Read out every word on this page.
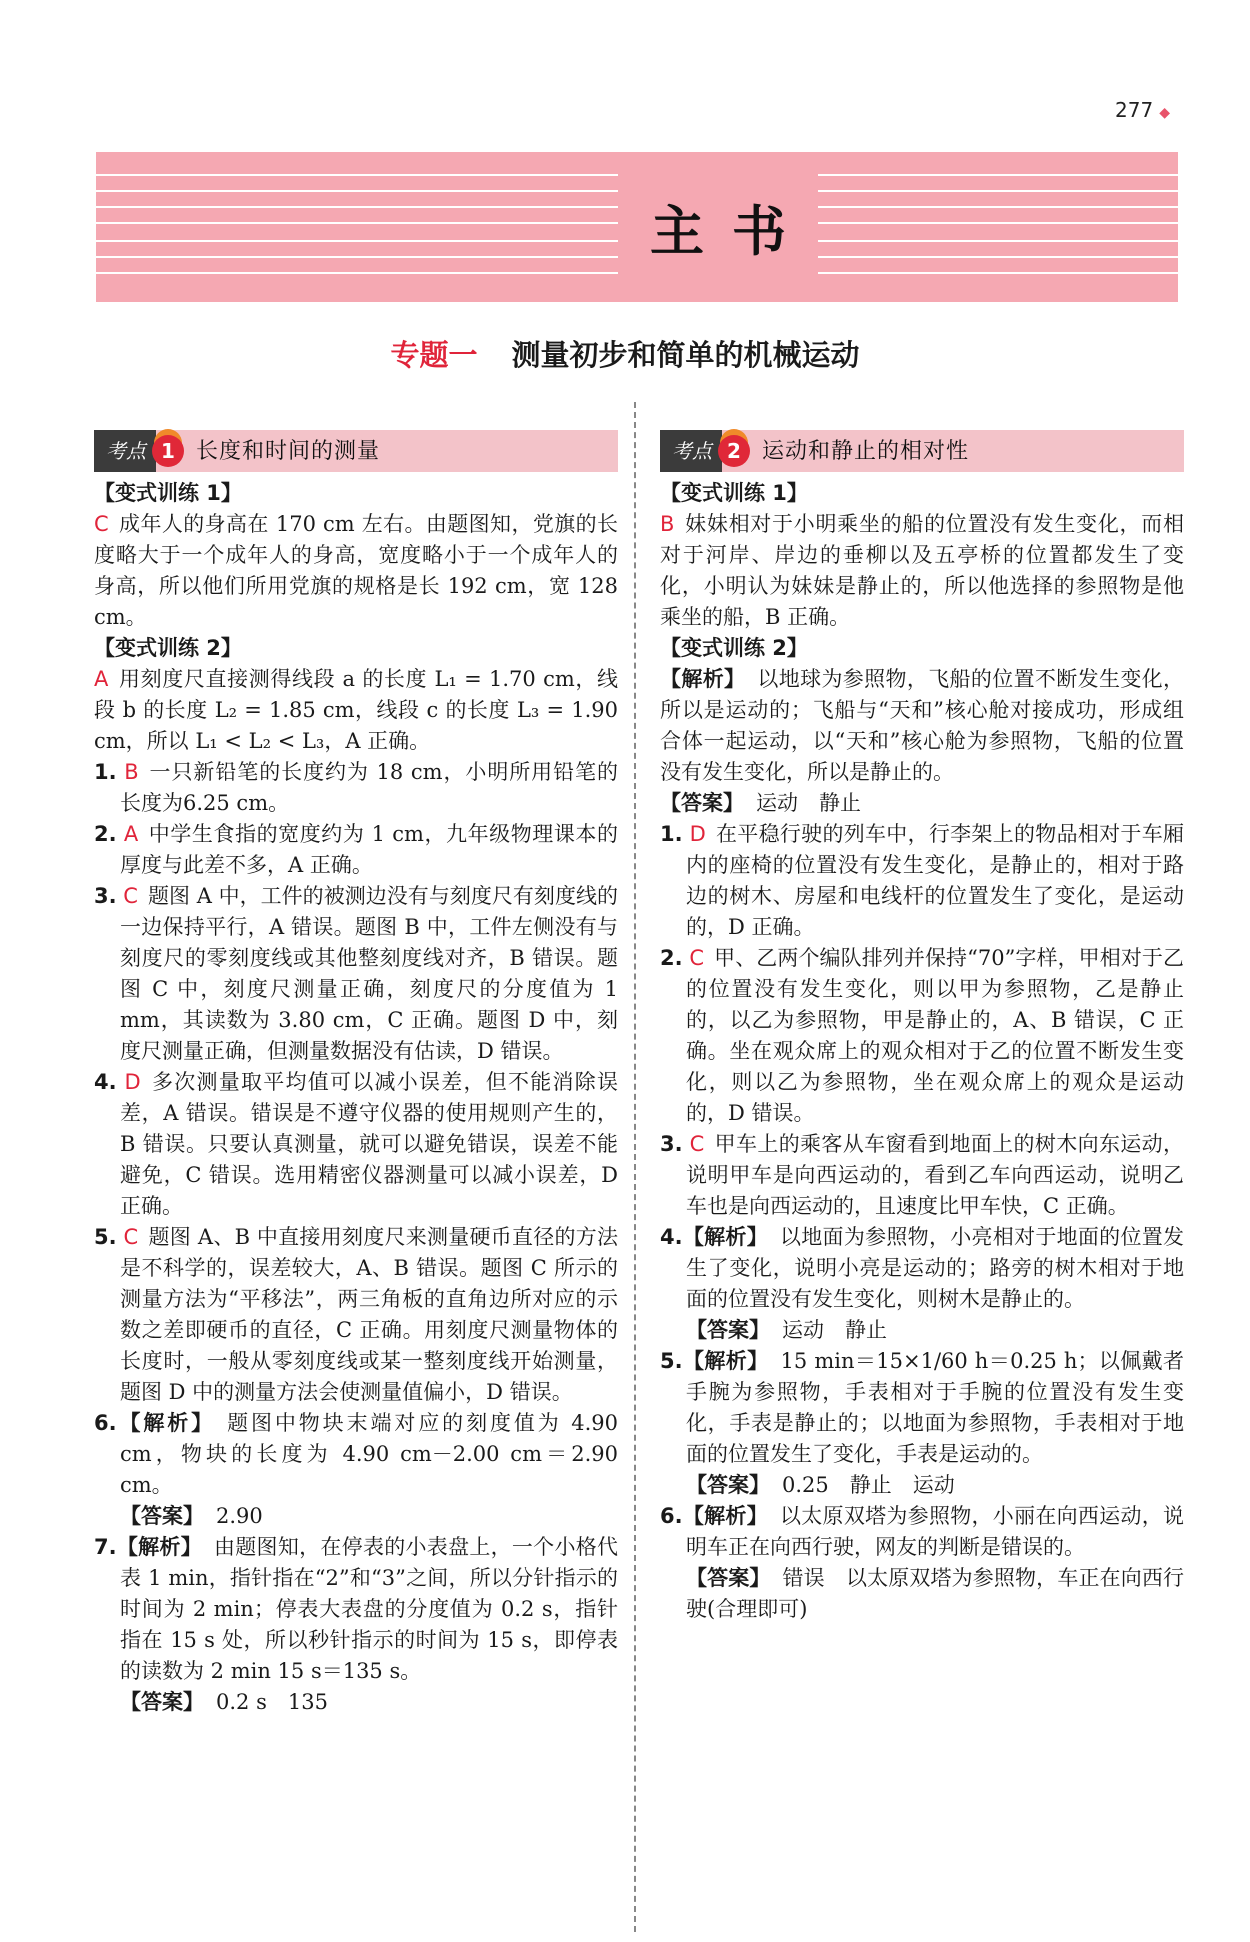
277 ◆
主书
专题一 测量初步和简单的机械运动
考点 1 长度和时间的测量
【变式训练 1】
C 成年人的身高在 170 cm 左右。由题图知，党旗的长度略大于一个成年人的身高，宽度略小于一个成年人的身高，所以他们所用党旗的规格是长 192 cm，宽 128 cm。
【变式训练 2】
A 用刻度尺直接测得线段 a 的长度 L₁ = 1.70 cm，线段 b 的长度 L₂ = 1.85 cm，线段 c 的长度 L₃ = 1.90 cm，所以 L₁ < L₂ < L₃，A 正确。
1. B 一只新铅笔的长度约为 18 cm，小明所用铅笔的长度为6.25 cm。
2. A 中学生食指的宽度约为 1 cm，九年级物理课本的厚度与此差不多，A 正确。
3. C 题图 A 中，工件的被测边没有与刻度尺有刻度线的一边保持平行，A 错误。题图 B 中，工件左侧没有与刻度尺的零刻度线或其他整刻度线对齐，B 错误。题图 C 中，刻度尺测量正确，刻度尺的分度值为 1 mm，其读数为 3.80 cm，C 正确。题图 D 中，刻度尺测量正确，但测量数据没有估读，D 错误。
4. D 多次测量取平均值可以减小误差，但不能消除误差，A 错误。错误是不遵守仪器的使用规则产生的，B 错误。只要认真测量，就可以避免错误，误差不能避免，C 错误。选用精密仪器测量可以减小误差，D 正确。
5. C 题图 A、B 中直接用刻度尺来测量硬币直径的方法是不科学的，误差较大，A、B 错误。题图 C 所示的测量方法为“平移法”，两三角板的直角边所对应的示数之差即硬币的直径，C 正确。用刻度尺测量物体的长度时，一般从零刻度线或某一整刻度线开始测量，题图 D 中的测量方法会使测量值偏小，D 错误。
6.【解析】 题图中物块末端对应的刻度值为 4.90 cm，物块的长度为 4.90 cm－2.00 cm＝2.90 cm。
【答案】 2.90
7.【解析】 由题图知，在停表的小表盘上，一个小格代表 1 min，指针指在“2”和“3”之间，所以分针指示的时间为 2 min；停表大表盘的分度值为 0.2 s，指针指在 15 s 处，所以秒针指示的时间为 15 s，即停表的读数为 2 min 15 s＝135 s。
【答案】 0.2 s　135
考点 2 运动和静止的相对性
【变式训练 1】
B 妹妹相对于小明乘坐的船的位置没有发生变化，而相对于河岸、岸边的垂柳以及五亭桥的位置都发生了变化，小明认为妹妹是静止的，所以他选择的参照物是他乘坐的船，B 正确。
【变式训练 2】
【解析】 以地球为参照物，飞船的位置不断发生变化，所以是运动的；飞船与“天和”核心舱对接成功，形成组合体一起运动，以“天和”核心舱为参照物，飞船的位置没有发生变化，所以是静止的。
【答案】 运动　静止
1. D 在平稳行驶的列车中，行李架上的物品相对于车厢内的座椅的位置没有发生变化，是静止的，相对于路边的树木、房屋和电线杆的位置发生了变化，是运动的，D 正确。
2. C 甲、乙两个编队排列并保持“70”字样，甲相对于乙的位置没有发生变化，则以甲为参照物，乙是静止的，以乙为参照物，甲是静止的，A、B 错误，C 正确。坐在观众席上的观众相对于乙的位置不断发生变化，则以乙为参照物，坐在观众席上的观众是运动的，D 错误。
3. C 甲车上的乘客从车窗看到地面上的树木向东运动，说明甲车是向西运动的，看到乙车向西运动，说明乙车也是向西运动的，且速度比甲车快，C 正确。
4.【解析】 以地面为参照物，小亮相对于地面的位置发生了变化，说明小亮是运动的；路旁的树木相对于地面的位置没有发生变化，则树木是静止的。
【答案】 运动　静止
5.【解析】 15 min＝15×1/60 h＝0.25 h；以佩戴者手腕为参照物，手表相对于手腕的位置没有发生变化，手表是静止的；以地面为参照物，手表相对于地面的位置发生了变化，手表是运动的。
【答案】 0.25　静止　运动
6.【解析】 以太原双塔为参照物，小丽在向西运动，说明车正在向西行驶，网友的判断是错误的。
【答案】 错误　以太原双塔为参照物，车正在向西行驶(合理即可)
